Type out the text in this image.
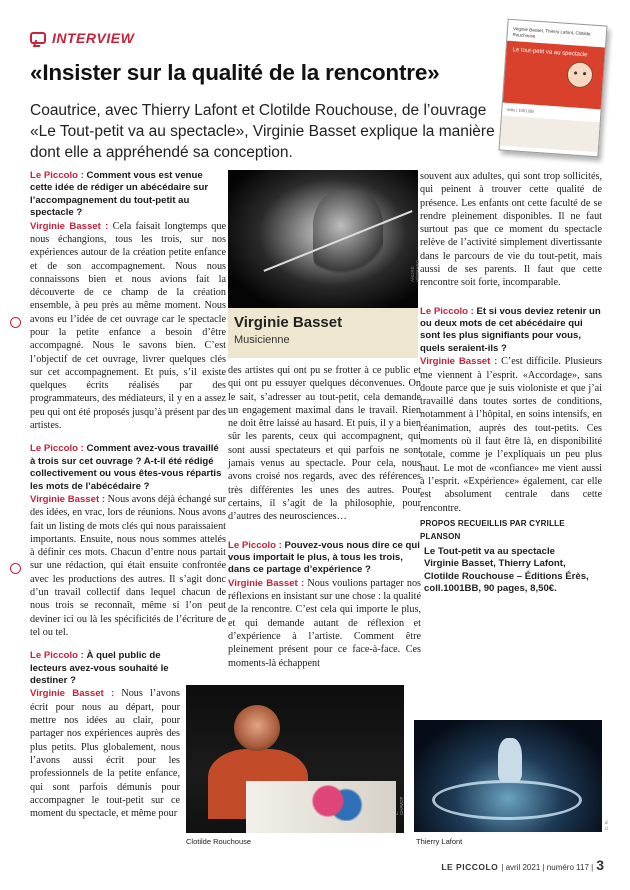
INTERVIEW
«Insister sur la qualité de la rencontre»

Coautrice, avec Thierry Lafont et Clotilde Rouchouse, de l’ouvrage «Le Tout-petit va au spectacle», Virginie Basset explique la manière dont elle a appréhendé sa conception.

Virginie Basset, Thierry Lafont, Clotilde Rouchouse
Le tout-petit va au spectacle
érès | 1001 BB
Le Piccolo : Comment vous est venue cette idée de rédiger un abécédaire sur l’accompagnement du tout-petit au spectacle ?

Virginie Basset : Cela faisait longtemps que nous échangions, tous les trois, sur nos expériences autour de la création petite enfance et de son accompagnement. Nous nous connaissons bien et nous avions fait la découverte de ce champ de la création ensemble, à peu près au même moment. Nous avons eu l’idée de cet ouvrage car le spectacle pour la petite enfance a besoin d’être accompagné. Nous le savons bien. C’est l’objectif de cet ouvrage, livrer quelques clés sur cet accompagnement. Et puis, s’il existe quelques écrits réalisés par des programmateurs, des médiateurs, il y en a assez peu qui ont été proposés jusqu’à présent par des artistes.

Le Piccolo : Comment avez-vous travaillé à trois sur cet ouvrage ? A-t-il été rédigé collectivement ou vous êtes-vous répartis les mots de l’abécédaire ?

Virginie Basset : Nous avons déjà échangé sur des idées, en vrac, lors de réunions. Nous avons fait un listing de mots clés qui nous paraissaient importants. Ensuite, nous nous sommes attelés à définir ces mots. Chacun d’entre nous partait sur une rédaction, qui était ensuite confrontée avec les productions des autres. Il s’agit donc d’un travail collectif dans lequel chacun de nous trois se reconnaît, même si l’on peut deviner ici ou là les spécificités de l’écriture de tel ou tel.

Le Piccolo : À quel public de lecteurs avez-vous souhaité le destiner ?

Virginie Basset : Nous l’avons écrit pour nous au départ, pour mettre nos idées au clair, pour partager nos expériences auprès des plus petits. Plus globalement, nous l’avons aussi écrit pour les professionnels de la petite enfance, qui sont parfois démunis pour accompagner le tout-petit sur ce moment du spectacle, et même pour

ANDRÉ HÉBRARD
Virginie Basset
Musicienne

des artistes qui ont pu se frotter à ce public et qui ont pu essuyer quelques déconvenues. On le sait, s’adresser au tout-petit, cela demande un engagement maximal dans le travail. Rien ne doit être laissé au hasard. Et puis, il y a bien sûr les parents, ceux qui accompagnent, qui sont aussi spectateurs et qui parfois ne sont jamais venus au spectacle. Pour cela, nous avons croisé nos regards, avec des références très différentes les unes des autres. Pour certains, il s’agit de la philosophie, pour d’autres des neurosciences…

Le Piccolo : Pouvez-vous nous dire ce qui vous importait le plus, à tous les trois, dans ce partage d’expérience ?

Virginie Basset : Nous voulions partager nos réflexions en insistant sur une chose : la qualité de la rencontre. C’est cela qui importe le plus, et qui demande autant de réflexion et d’expérience à l’artiste. Comment être pleinement présent pour ce face-à-face. Ces moments-là échappent

souvent aux adultes, qui sont trop sollicités, qui peinent à trouver cette qualité de présence. Les enfants ont cette faculté de se rendre pleinement disponibles. Il ne faut surtout pas que ce moment du spectacle relève de l’activité simplement divertissante dans le parcours de vie du tout-petit, mais aussi de ses parents. Il faut que cette rencontre soit forte, incomparable.

Le Piccolo : Et si vous deviez retenir un ou deux mots de cet abécédaire qui sont les plus signifiants pour vous, quels seraient-ils ?

Virginie Basset : C’est difficile. Plusieurs me viennent à l’esprit. «Accordage», sans doute parce que je suis violoniste et que j’ai travaillé dans toutes sortes de conditions, notamment à l’hôpital, en soins intensifs, en réanimation, auprès des tout-petits. Ces moments où il faut être là, en disponibilité totale, comme je l’expliquais un peu plus haut. Le mot de «confiance» me vient aussi à l’esprit. «Expérience» également, car elle est absolument centrale dans cette rencontre.

PROPOS RECUEILLIS PAR CYRILLE PLANSON
Le Tout-petit va au spectacle
Virginie Basset, Thierry Lafont, Clotilde Rouchouse – Éditions Érès, coll.1001BB, 90 pages, 8,50€.
L. CHAVOT
Clotilde Rouchouse
D. R.
Thierry Lafont
LE PICCOLO | avril 2021 | numéro 117 | 3
